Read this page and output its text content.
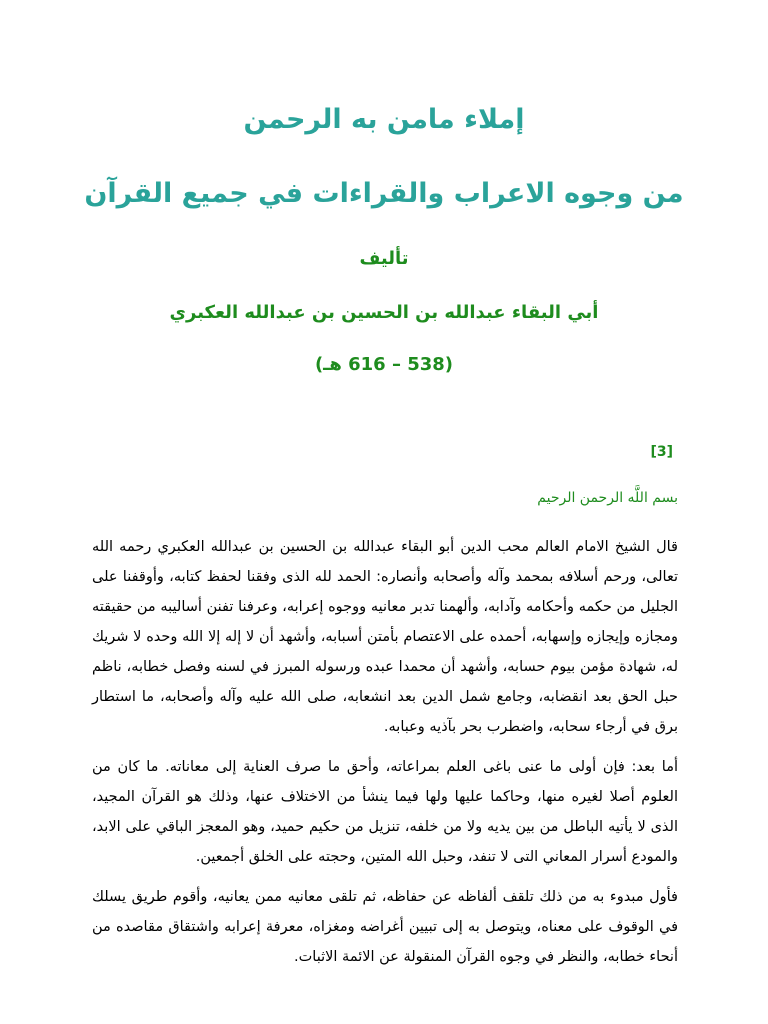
إملاء مامن به الرحمن
من وجوه الاعراب والقراءات في جميع القرآن

تأليف

أبي البقاء عبدالله بن الحسين بن عبدالله العكبري

(538 – 616 هـ)

[3]
بسم اللَّه الرحمن الرحيم

قال الشيخ الامام العالم محب الدين أبو البقاء عبدالله بن الحسين بن عبدالله العكبري رحمه الله تعالى، ورحم أسلافه بمحمد وآله وأصحابه وأنصاره: الحمد لله الذى وفقنا لحفظ كتابه، وأوقفنا على الجليل من حكمه وأحكامه وآدابه، وألهمنا تدبر معانيه ووجوه إعرابه، وعرفنا تفنن أساليبه من حقيقته ومجازه وإيجازه وإسهابه، أحمده على الاعتصام بأمتن أسبابه، وأشهد أن لا إله إلا الله وحده لا شريك له، شهادة مؤمن بيوم حسابه، وأشهد أن محمدا عبده ورسوله المبرز في لسنه وفصل خطابه، ناظم حبل الحق بعد انقضابه، وجامع شمل الدين بعد انشعابه، صلى الله عليه وآله وأصحابه، ما استطار برق في أرجاء سحابه، واضطرب بحر بآذيه وعبابه.

أما بعد: فإن أولى ما عنى باغى العلم بمراعاته، وأحق ما صرف العناية إلى معاناته. ما كان من العلوم أصلا لغيره منها، وحاكما عليها ولها فيما ينشأ من الاختلاف عنها، وذلك هو القرآن المجيد، الذى لا يأتيه الباطل من بين يديه ولا من خلفه، تنزيل من حكيم حميد، وهو المعجز الباقي على الابد، والمودع أسرار المعاني التى لا تنفد، وحبل الله المتين، وحجته على الخلق أجمعين.

فأول مبدوء به من ذلك تلقف ألفاظه عن حفاظه، ثم تلقى معانيه ممن يعانيه، وأقوم طريق يسلك في الوقوف على معناه، ويتوصل به إلى تبيين أغراضه ومغزاه، معرفة إعرابه واشتقاق مقاصده من أنحاء خطابه، والنظر في وجوه القرآن المنقولة عن الائمة الاثبات.
